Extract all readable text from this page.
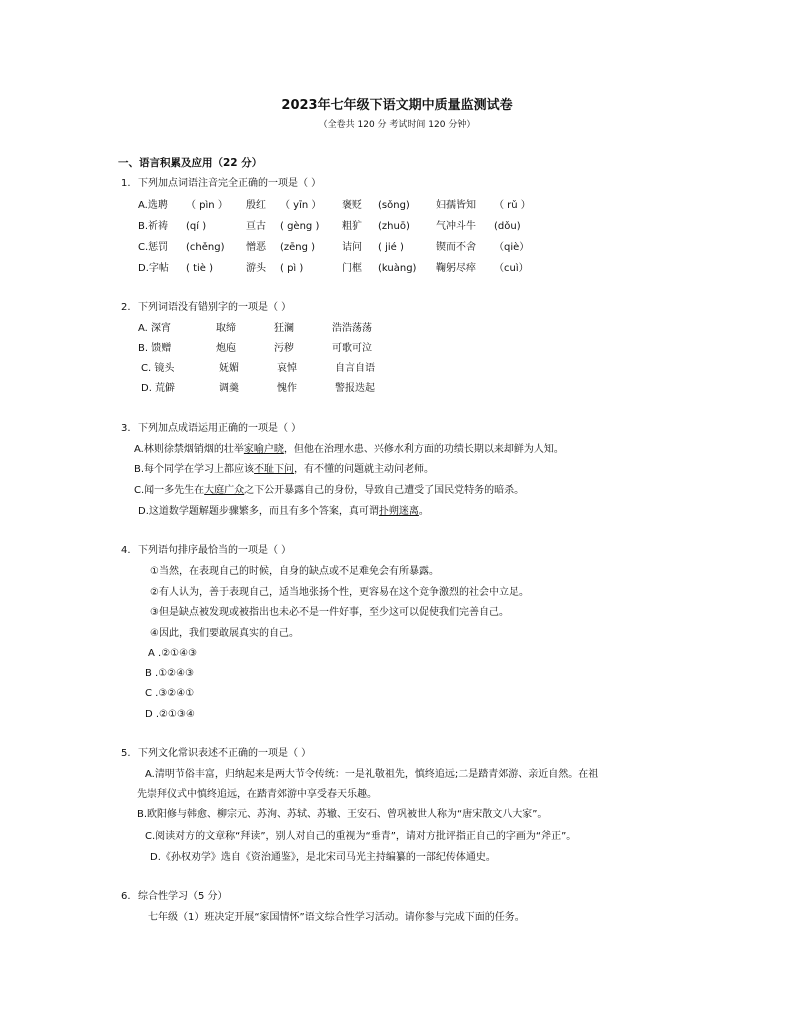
2023年七年级下语文期中质量监测试卷
（全卷共 120 分 考试时间 120 分钟）
一、语言积累及应用（22 分）
1. 下列加点词语注音完全正确的一项是（ ）
A.选聘 （ pìn ） 殷红 （ yīn ） 褒贬 (sǒng)	妇孺皆知 （ rǔ ）
B.祈祷 (qí )	亘古 ( gèng ) 粗犷 (zhuō)	气冲斗牛 (dǒu)
C.惩罚 (chěng) 憎恶 (zēng )	诘问 ( jié )	锲而不舍 （qiè）
D.字帖 ( tiè )	游头 ( pì )	门框 (kuàng) 鞠躬尽瘁 （cuì）
2. 下列词语没有错别字的一项是（ ）
A. 深宵	取缔	狂澜	浩浩荡荡
B. 馈赠	炮庖	污秽	可歌可泣
C. 镜头	妩媚	哀悼	自言自语
D. 荒僻	调羹	愧作	警报迭起
3. 下列加点成语运用正确的一项是（ ）
A.林则徐禁烟销烟的壮举家喻户晓，但他在治理水患、兴修水利方面的功绩长期以来却鲜为人知。
B.每个同学在学习上都应该不耻下问，有不懂的问题就主动问老师。
C.闻一多先生在大庭广众之下公开暴露自己的身份，导致自己遭受了国民党特务的暗杀。
D.这道数学题解题步骤繁多，而且有多个答案，真可谓扑朔迷离。
4. 下列语句排序最恰当的一项是（ ）
①当然，在表现自己的时候，自身的缺点或不足难免会有所暴露。
②有人认为，善于表现自己，适当地张扬个性，更容易在这个竞争激烈的社会中立足。
③但是缺点被发现或被指出也未必不是一件好事，至少这可以促使我们完善自己。
④因此，我们要敢展真实的自己。
A .②①④③
B .①②④③
C .③②④①
D .②①③④
5. 下列文化常识表述不正确的一项是（ ）
A.清明节俗丰富，归纳起来是两大节令传统：一是礼敬祖先，慎终追远;二是踏青郊游、亲近自然。在祖
先崇拜仪式中慎终追远，在踏青郊游中享受春天乐趣。
B.欧阳修与韩愈、柳宗元、苏洵、苏轼、苏辙、王安石、曾巩被世人称为“唐宋散文八大家”。
C.阅读对方的文章称“拜读”，别人对自己的重视为“垂青”，请对方批评指正自己的字画为“斧正”。
D.《孙权劝学》选自《资治通鉴》，是北宋司马光主持编纂的一部纪传体通史。
6. 综合性学习（5 分）
七年级（1）班决定开展“家国情怀”语文综合性学习活动。请你参与完成下面的任务。
